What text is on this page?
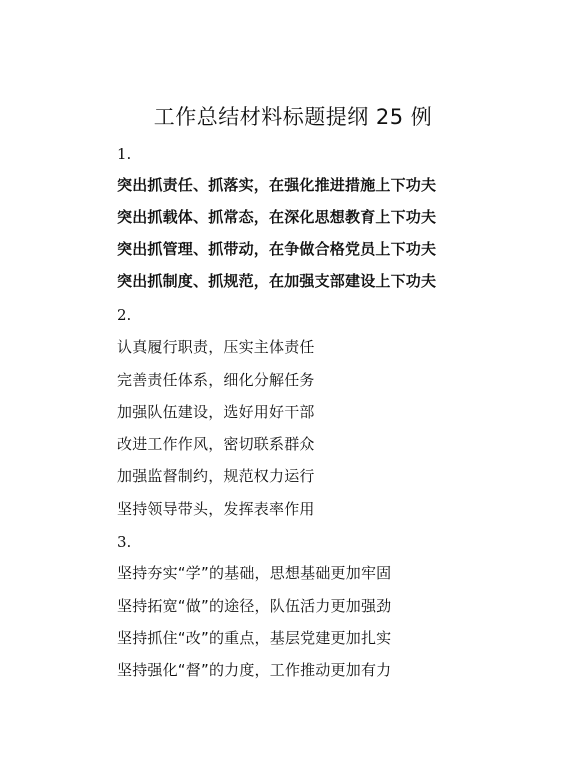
工作总结材料标题提纲 25 例
1.
突出抓责任、抓落实，在强化推进措施上下功夫
突出抓载体、抓常态，在深化思想教育上下功夫
突出抓管理、抓带动，在争做合格党员上下功夫
突出抓制度、抓规范，在加强支部建设上下功夫
2.
认真履行职责，压实主体责任
完善责任体系，细化分解任务
加强队伍建设，选好用好干部
改进工作作风，密切联系群众
加强监督制约，规范权力运行
坚持领导带头，发挥表率作用
3.
坚持夯实“学”的基础，思想基础更加牢固
坚持拓宽“做”的途径，队伍活力更加强劲
坚持抓住“改”的重点，基层党建更加扎实
坚持强化“督”的力度，工作推动更加有力
